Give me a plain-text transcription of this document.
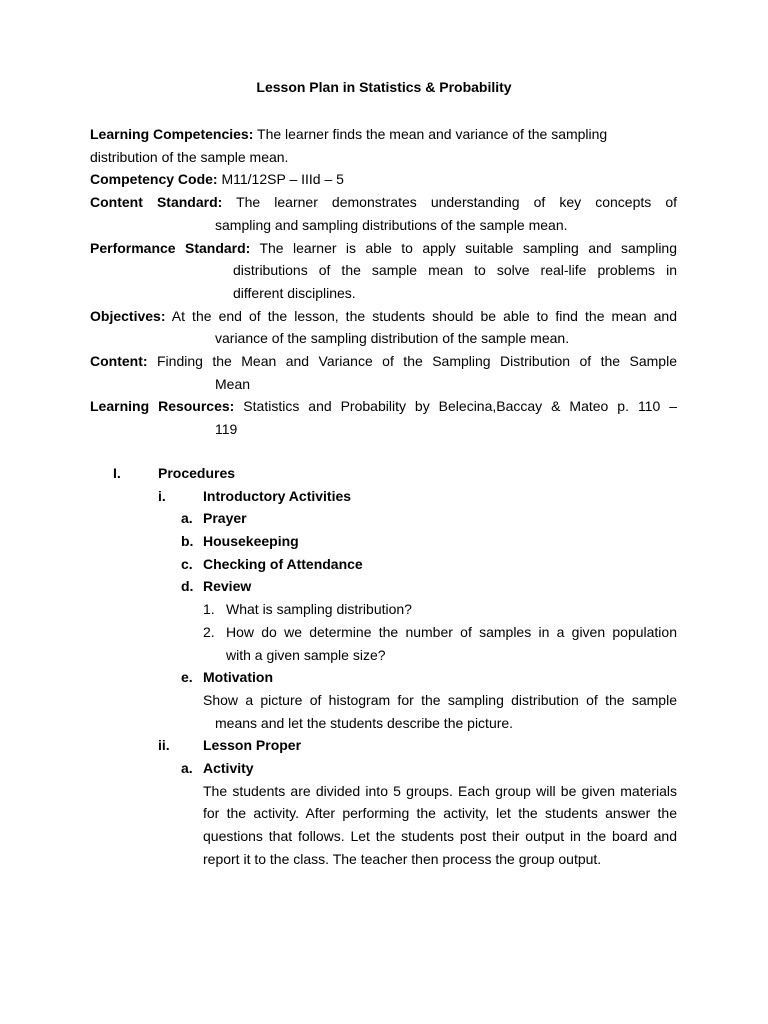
Lesson Plan in Statistics & Probability
Learning Competencies: The learner finds the mean and variance of the sampling
distribution of the sample mean.
Competency Code: M11/12SP – IIId – 5
Content Standard: The learner demonstrates understanding of key concepts of
sampling and sampling distributions of the sample mean.
Performance Standard: The learner is able to apply suitable sampling and sampling
distributions of the sample mean to solve real-life problems in
different disciplines.
Objectives: At the end of the lesson, the students should be able to find the mean and
variance of the sampling distribution of the sample mean.
Content: Finding the Mean and Variance of the Sampling Distribution of the Sample
Mean
Learning Resources: Statistics and Probability by Belecina,Baccay & Mateo p. 110 –
119
I.	Procedures
i.	Introductory Activities
a. Prayer
b. Housekeeping
c. Checking of Attendance
d. Review
1. What is sampling distribution?
2. How do we determine the number of samples in a given population
with a given sample size?
e. Motivation
Show a picture of histogram for the sampling distribution of the sample
means and let the students describe the picture.
ii. Lesson Proper
a. Activity
The students are divided into 5 groups. Each group will be given materials for the activity. After performing the activity, let the students answer the questions that follows. Let the students post their output in the board and report it to the class. The teacher then process the group output.
